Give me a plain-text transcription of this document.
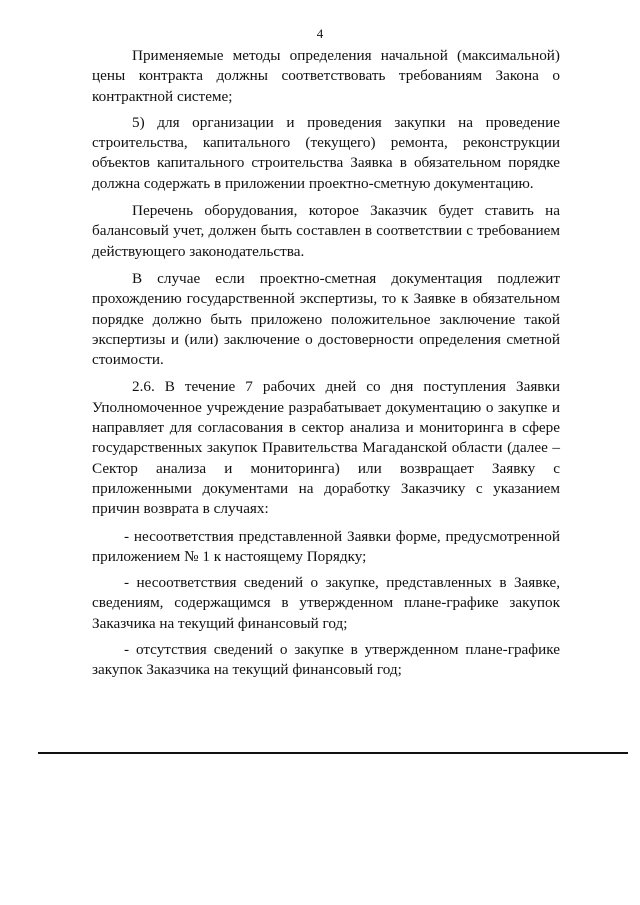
4

Применяемые методы определения начальной (максимальной) цены контракта должны соответствовать требованиям Закона о контрактной системе;

5) для организации и проведения закупки на проведение строительства, капитального (текущего) ремонта, реконструкции объектов капитального строительства Заявка в обязательном порядке должна содержать в приложении проектно-сметную документацию.

Перечень оборудования, которое Заказчик будет ставить на балансовый учет, должен быть составлен в соответствии с требованием действующего законодательства.

В случае если проектно-сметная документация подлежит прохождению государственной экспертизы, то к Заявке в обязательном порядке должно быть приложено положительное заключение такой экспертизы и (или) заключение о достоверности определения сметной стоимости.

2.6. В течение 7 рабочих дней со дня поступления Заявки Уполномоченное учреждение разрабатывает документацию о закупке и направляет для согласования в сектор анализа и мониторинга в сфере государственных закупок Правительства Магаданской области (далее – Сектор анализа и мониторинга) или возвращает Заявку с приложенными документами на доработку Заказчику с указанием причин возврата в случаях:

- несоответствия представленной Заявки форме, предусмотренной приложением № 1 к настоящему Порядку;

- несоответствия сведений о закупке, представленных в Заявке, сведениям, содержащимся в утвержденном плане-графике закупок Заказчика на текущий финансовый год;

- отсутствия сведений о закупке в утвержденном плане-графике закупок Заказчика на текущий финансовый год;
